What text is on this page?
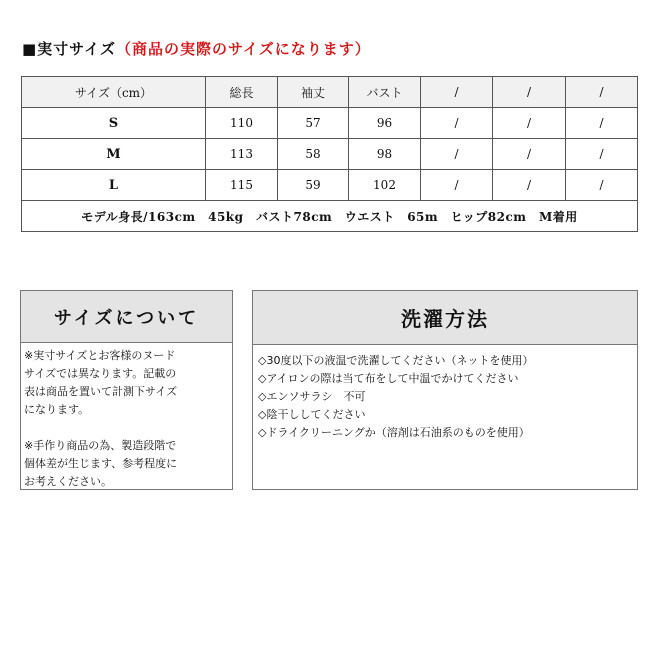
■実寸サイズ（商品の実際のサイズになります）
サイズ（cm）	総長	袖丈	バスト	/	/	/
S	110	57	96	/	/	/
M	113	58	98	/	/	/
L	115	59	102	/	/	/
モデル身長/163cm　45kg　バスト78cm　ウエスト　65m　ヒップ82cm　M着用						
サイズについて

※実寸サイズとお客様のヌード

サイズでは異なります。記載の

表は商品を置いて計測下サイズ

になります。

※手作り商品の為、製造段階で

個体差が生じます、参考程度に

お考えください。

洗濯方法

◇30度以下の液温で洗濯してください（ネットを使用）

◇アイロンの際は当て布をして中温でかけてください

◇エンソサラシ　不可

◇陰干ししてください

◇ドライクリーニングか（溶剤は石油系のものを使用）
